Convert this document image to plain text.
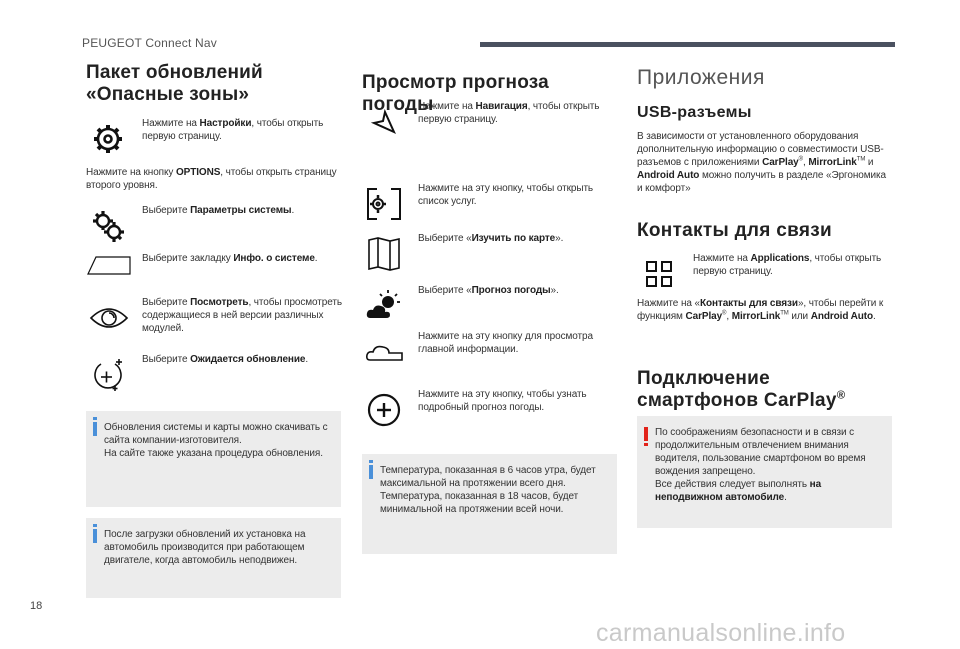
PEUGEOT Connect Nav
Пакет обновлений
«Опасные зоны»
Нажмите на Настройки, чтобы открыть первую страницу.
Нажмите на кнопку OPTIONS, чтобы открыть страницу второго уровня.
Выберите Параметры системы.
Выберите закладку Инфо. о системе.
Выберите Посмотреть, чтобы просмотреть содержащиеся в ней версии различных модулей.
Выберите Ожидается обновление.
Обновления системы и карты можно скачивать с сайта компании-изготовителя.
На сайте также указана процедура обновления.
После загрузки обновлений их установка на автомобиль производится при работающем двигателе, когда автомобиль неподвижен.
Просмотр прогноза погоды
Нажмите на Навигация, чтобы открыть первую страницу.
Нажмите на эту кнопку, чтобы открыть список услуг.
Выберите «Изучить по карте».
Выберите «Прогноз погоды».
Нажмите на эту кнопку для просмотра главной информации.
Нажмите на эту кнопку, чтобы узнать подробный прогноз погоды.
Температура, показанная в 6 часов утра, будет максимальной на протяжении всего дня.
Температура, показанная в 18 часов, будет минимальной на протяжении всей ночи.
Приложения
USB-разъемы
В зависимости от установленного оборудования дополнительную информацию о совместимости USB-разъемов с приложениями CarPlay®, MirrorLink™ и Android Auto можно получить в разделе «Эргономика и комфорт»
Контакты для связи
Нажмите на Applications, чтобы открыть первую страницу.
Нажмите на «Контакты для связи», чтобы перейти к функциям CarPlay®, MirrorLink™ или Android Auto.
Подключение
смартфонов CarPlay®
По соображениям безопасности и в связи с продолжительным отвлечением внимания водителя, пользование смартфоном во время вождения запрещено.
Все действия следует выполнять на неподвижном автомобиле.
18
carmanualsonline.info
